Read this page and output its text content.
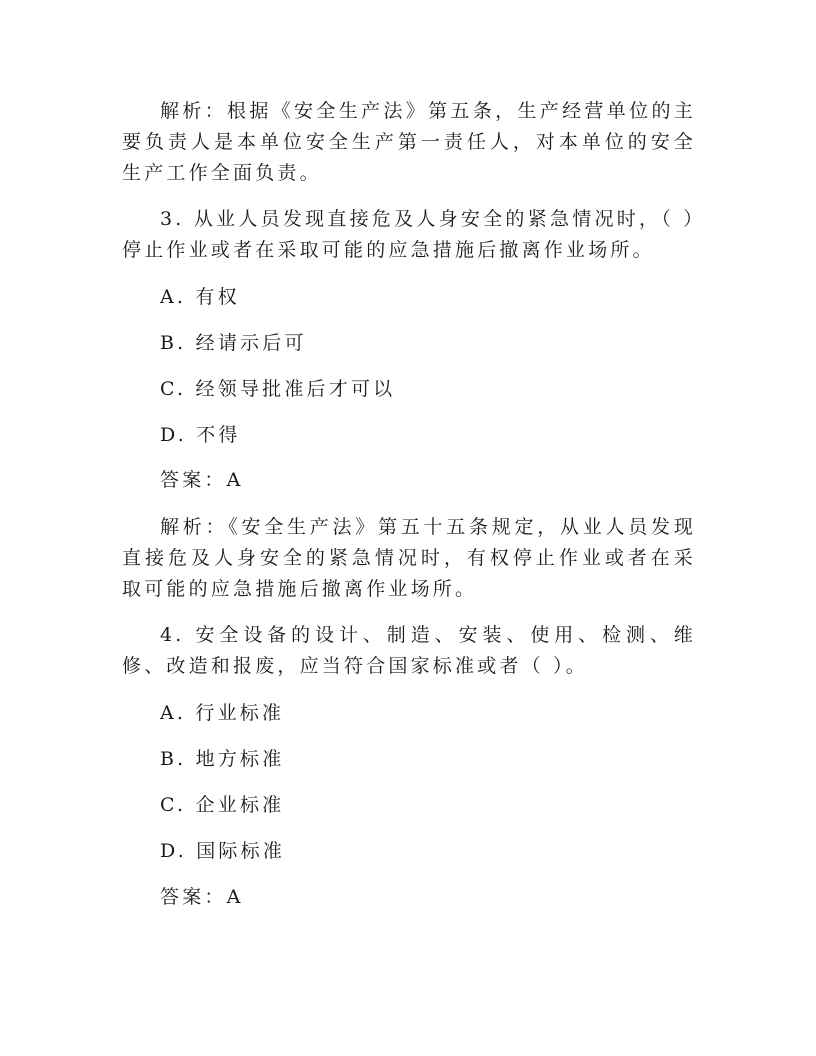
解析：根据《安全生产法》第五条，生产经营单位的主要负责人是本单位安全生产第一责任人，对本单位的安全生产工作全面负责。

3. 从业人员发现直接危及人身安全的紧急情况时，（ ）停止作业或者在采取可能的应急措施后撤离作业场所。

A. 有权

B. 经请示后可

C. 经领导批准后才可以

D. 不得

答案：A

解析：《安全生产法》第五十五条规定，从业人员发现直接危及人身安全的紧急情况时，有权停止作业或者在采取可能的应急措施后撤离作业场所。

4. 安全设备的设计、制造、安装、使用、检测、维修、改造和报废，应当符合国家标准或者（ ）。

A. 行业标准

B. 地方标准

C. 企业标准

D. 国际标准

答案：A
